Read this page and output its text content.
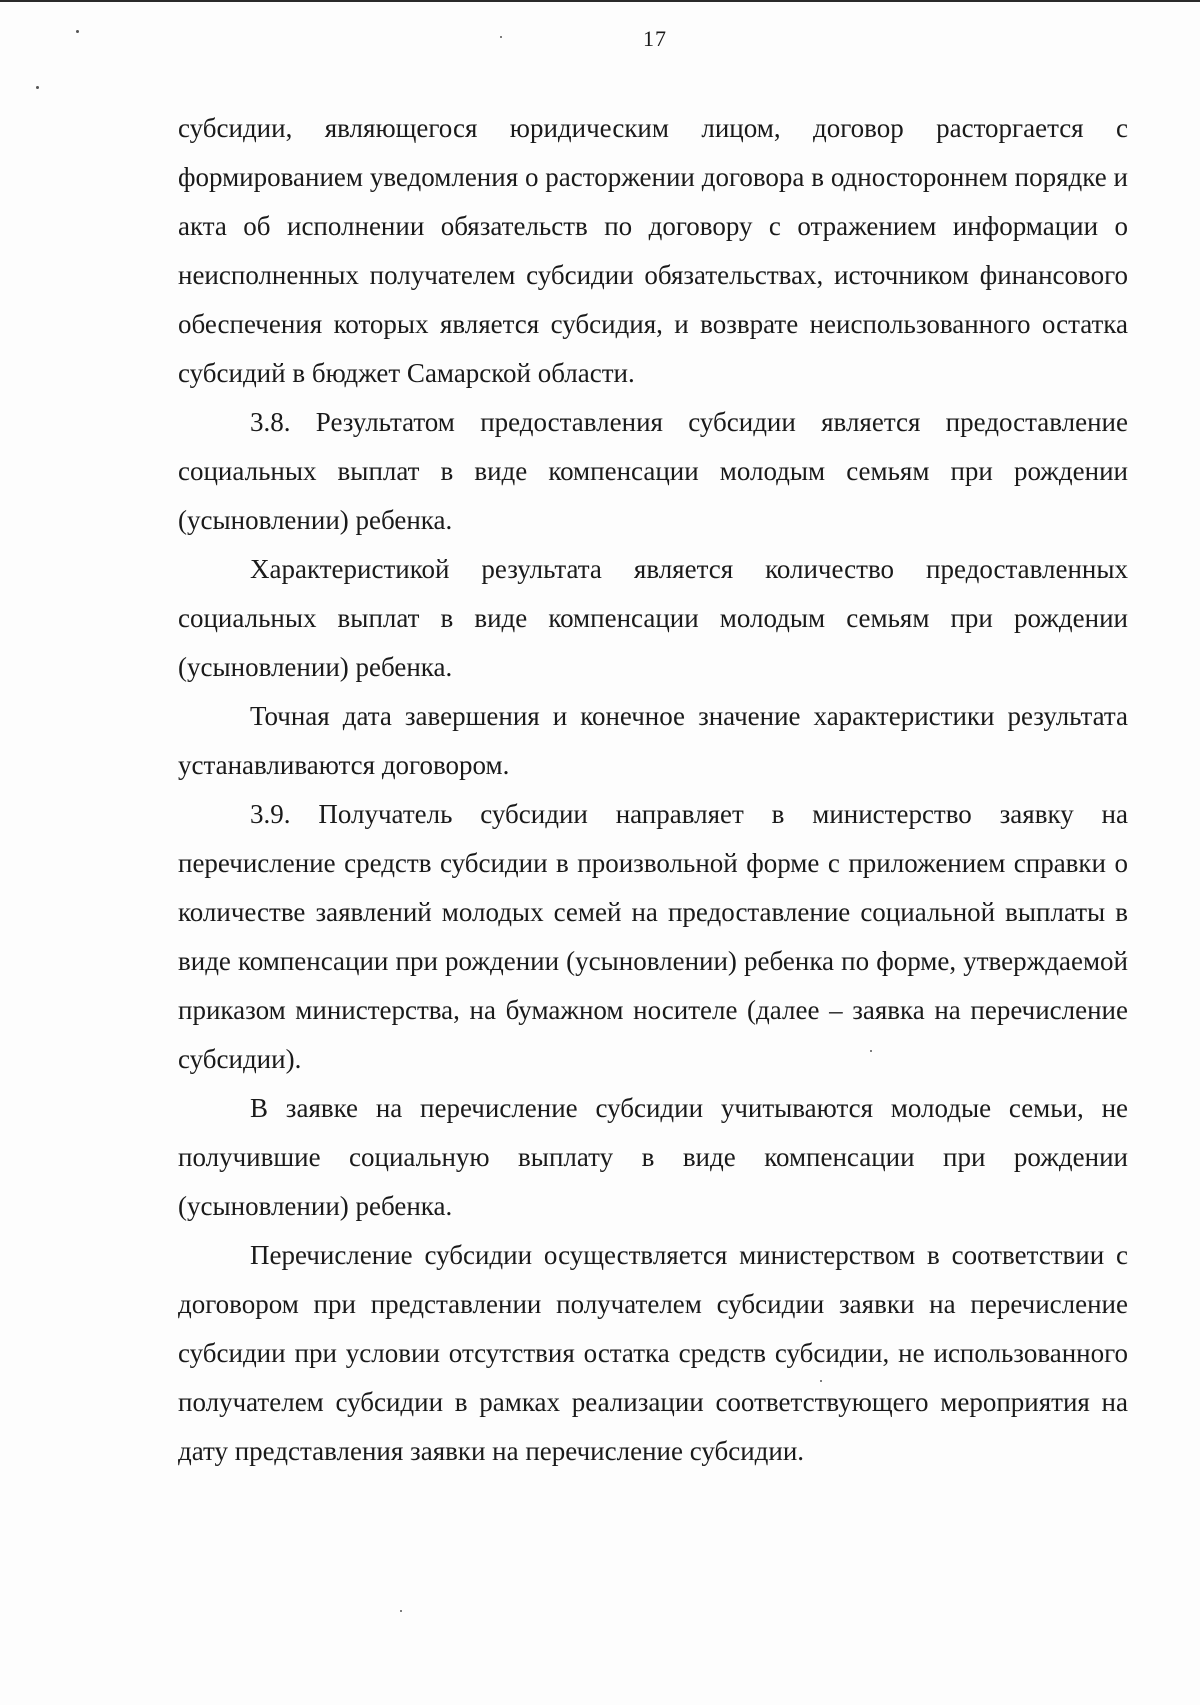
17

субсидии, являющегося юридическим лицом, договор расторгается с формированием уведомления о расторжении договора в одностороннем порядке и акта об исполнении обязательств по договору с отражением информации о неисполненных получателем субсидии обязательствах, источником финансового обеспечения которых является субсидия, и возврате неиспользованного остатка субсидий в бюджет Самарской области.

3.8. Результатом предоставления субсидии является предоставление социальных выплат в виде компенсации молодым семьям при рождении (усыновлении) ребенка.

Характеристикой результата является количество предоставленных социальных выплат в виде компенсации молодым семьям при рождении (усыновлении) ребенка.

Точная дата завершения и конечное значение характеристики результата устанавливаются договором.

3.9. Получатель субсидии направляет в министерство заявку на перечисление средств субсидии в произвольной форме с приложением справки о количестве заявлений молодых семей на предоставление социальной выплаты в виде компенсации при рождении (усыновлении) ребенка по форме, утверждаемой приказом министерства, на бумажном носителе (далее – заявка на перечисление субсидии).

В заявке на перечисление субсидии учитываются молодые семьи, не получившие социальную выплату в виде компенсации при рождении (усыновлении) ребенка.

Перечисление субсидии осуществляется министерством в соответствии с договором при представлении получателем субсидии заявки на перечисление субсидии при условии отсутствия остатка средств субсидии, не использованного получателем субсидии в рамках реализации соответствующего мероприятия на дату представления заявки на перечисление субсидии.
